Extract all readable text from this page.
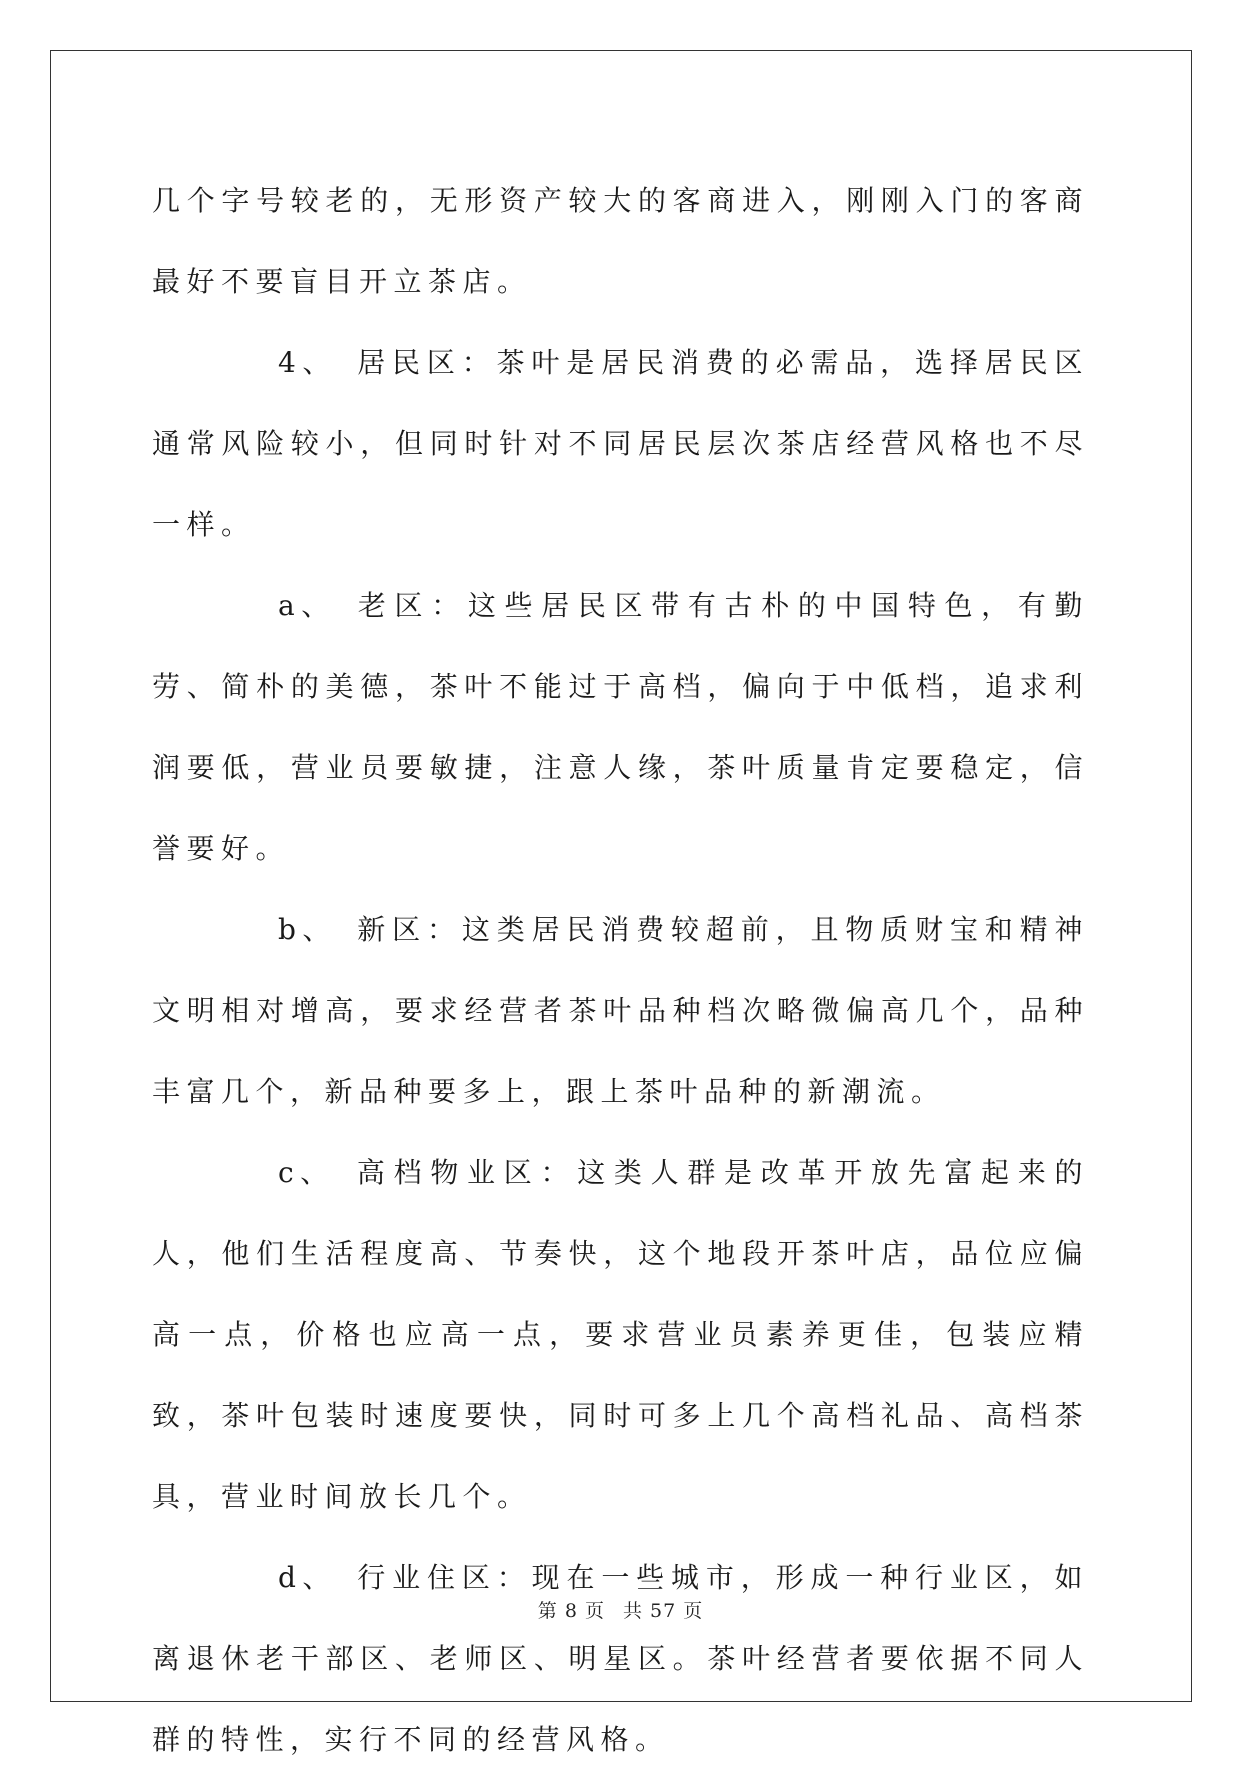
几个字号较老的，无形资产较大的客商进入，刚刚入门的客商最好不要盲目开立茶店。

4、 居民区：茶叶是居民消费的必需品，选择居民区通常风险较小，但同时针对不同居民层次茶店经营风格也不尽一样。

a、 老区：这些居民区带有古朴的中国特色，有勤劳、简朴的美德，茶叶不能过于高档，偏向于中低档，追求利润要低，营业员要敏捷，注意人缘，茶叶质量肯定要稳定，信誉要好。

b、 新区：这类居民消费较超前，且物质财宝和精神文明相对增高，要求经营者茶叶品种档次略微偏高几个，品种丰富几个，新品种要多上，跟上茶叶品种的新潮流。

c、 高档物业区：这类人群是改革开放先富起来的人，他们生活程度高、节奏快，这个地段开茶叶店，品位应偏高一点，价格也应高一点，要求营业员素养更佳，包装应精致，茶叶包装时速度要快，同时可多上几个高档礼品、高档茶具，营业时间放长几个。

d、 行业住区：现在一些城市，形成一种行业区，如离退休老干部区、老师区、明星区。茶叶经营者要依据不同人群的特性，实行不同的经营风格。

第 8 页 共 57 页
